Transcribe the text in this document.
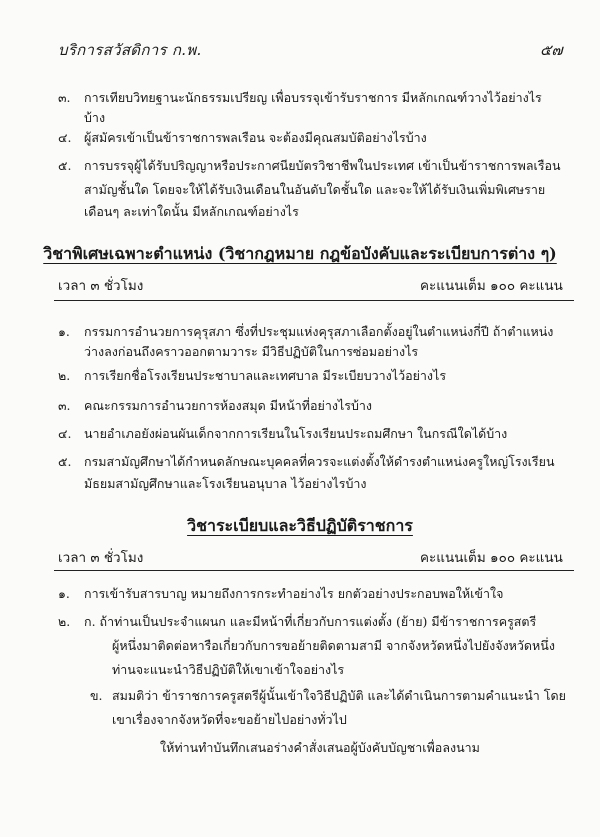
บริการสวัสดิการ ก.พ.	๕๗
๓.	การเทียบวิทยฐานะนักธรรมเปรียญ เพื่อบรรจุเข้ารับราชการ มีหลักเกณฑ์วางไว้อย่างไร
บ้าง
๔.	ผู้สมัครเข้าเป็นข้าราชการพลเรือน จะต้องมีคุณสมบัติอย่างไรบ้าง
๕.	การบรรจุผู้ได้รับปริญญาหรือประกาศนียบัตรวิชาชีพในประเทศ เข้าเป็นข้าราชการพลเรือน
สามัญชั้นใด โดยจะให้ได้รับเงินเดือนในอันดับใดชั้นใด และจะให้ได้รับเงินเพิ่มพิเศษราย
เดือนๆ ละเท่าใดนั้น มีหลักเกณฑ์อย่างไร
วิชาพิเศษเฉพาะตำแหน่ง (วิชากฎหมาย กฎข้อบังคับและระเบียบการต่าง ๆ)
เวลา ๓ ชั่วโมง	คะแนนเต็ม ๑๐๐ คะแนน
๑.	กรรมการอำนวยการคุรุสภา ซึ่งที่ประชุมแห่งคุรุสภาเลือกตั้งอยู่ในตำแหน่งกี่ปี ถ้าตำแหน่ง
ว่างลงก่อนถึงคราวออกตามวาระ มีวิธีปฏิบัติในการซ่อมอย่างไร
๒.	การเรียกชื่อโรงเรียนประชาบาลและเทศบาล มีระเบียบวางไว้อย่างไร
๓.	คณะกรรมการอำนวยการห้องสมุด มีหน้าที่อย่างไรบ้าง
๔.	นายอำเภอยังผ่อนผันเด็กจากการเรียนในโรงเรียนประถมศึกษา ในกรณีใดได้บ้าง
๕.	กรมสามัญศึกษาได้กำหนดลักษณะบุคคลที่ควรจะแต่งตั้งให้ดำรงตำแหน่งครูใหญ่โรงเรียน
มัธยมสามัญศึกษาและโรงเรียนอนุบาล ไว้อย่างไรบ้าง
วิชาระเบียบและวิธีปฏิบัติราชการ
เวลา ๓ ชั่วโมง	คะแนนเต็ม ๑๐๐ คะแนน
๑.	การเข้ารับสารบาญ หมายถึงการกระทำอย่างไร ยกตัวอย่างประกอบพอให้เข้าใจ
๒.	ก. ถ้าท่านเป็นประจำแผนก และมีหน้าที่เกี่ยวกับการแต่งตั้ง (ย้าย) มีข้าราชการครูสตรี
ผู้หนึ่งมาติดต่อหารือเกี่ยวกับการขอย้ายติดตามสามี จากจังหวัดหนึ่งไปยังจังหวัดหนึ่ง
ท่านจะแนะนำวิธีปฏิบัติให้เขาเข้าใจอย่างไร
ข. สมมติว่า ข้าราชการครูสตรีผู้นั้นเข้าใจวิธีปฏิบัติ และได้ดำเนินการตามคำแนะนำ โดย
เขาเรื่องจากจังหวัดที่จะขอย้ายไปอย่างทั่วไป
ให้ท่านทำบันทึกเสนอร่างคำสั่งเสนอผู้บังคับบัญชาเพื่อลงนาม
